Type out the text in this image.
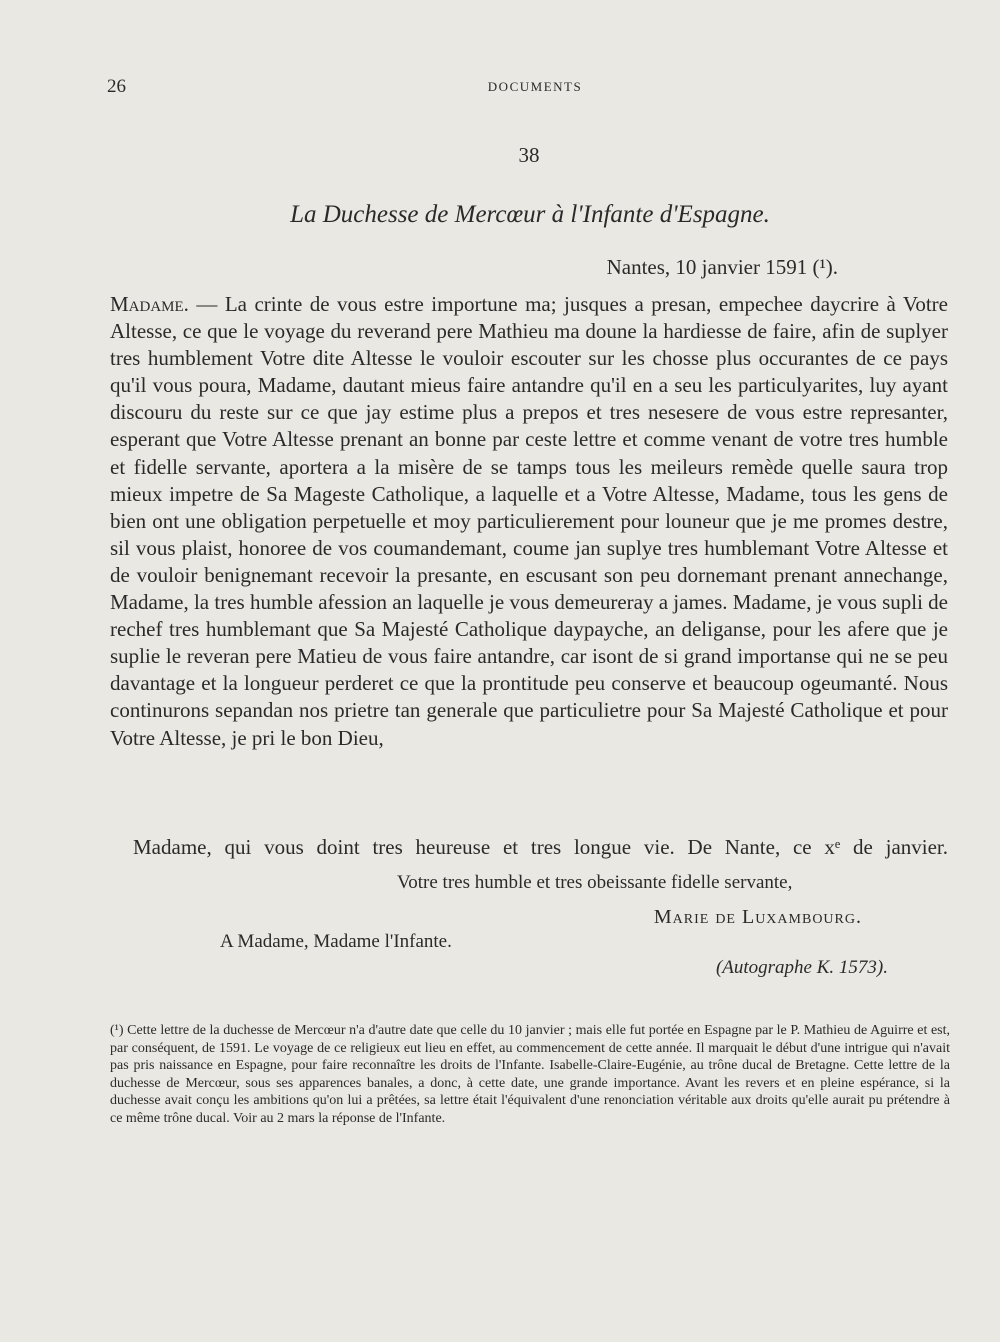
26	DOCUMENTS
38
La Duchesse de Mercœur à l'Infante d'Espagne.
Nantes, 10 janvier 1591 (¹).
Madame. — La crinte de vous estre importune ma; jusques a presan, empechee daycrire à Votre Altesse, ce que le voyage du reverand pere Mathieu ma doune la hardiesse de faire, afin de suplyer tres humblement Votre dite Altesse le vouloir escouter sur les chosse plus occurantes de ce pays qu'il vous poura, Madame, dautant mieus faire antandre qu'il en a seu les particulyarites, luy ayant discouru du reste sur ce que jay estime plus a prepos et tres nesesere de vous estre represanter, esperant que Votre Altesse prenant an bonne par ceste lettre et comme venant de votre tres humble et fidelle servante, aportera a la misère de se tamps tous les meileurs remède quelle saura trop mieux impetre de Sa Mageste Catholique, a laquelle et a Votre Altesse, Madame, tous les gens de bien ont une obligation perpetuelle et moy particulierement pour louneur que je me promes destre, sil vous plaist, honoree de vos coumandemant, coume jan suplye tres humblemant Votre Altesse et de vouloir benignemant recevoir la presante, en escusant son peu dornemant prenant annechange, Madame, la tres humble afession an laquelle je vous demeureray a james. Madame, je vous supli de rechef tres humblemant que Sa Majesté Catholique daypayche, an deliganse, pour les afere que je suplie le reveran pere Matieu de vous faire antandre, car isont de si grand importanse qui ne se peu davantage et la longueur perderet ce que la prontitude peu conserve et beaucoup ogeumanté. Nous continurons sepandan nos prietre tan generale que particulietre pour Sa Majesté Catholique et pour Votre Altesse, je pri le bon Dieu,
Madame, qui vous doint tres heureuse et tres longue vie. De Nante, ce xᵉ de janvier.
Votre tres humble et tres obeissante fidelle servante,
Marie de Luxambourg.
A Madame, Madame l'Infante.
(Autographe K. 1573).
(¹) Cette lettre de la duchesse de Mercœur n'a d'autre date que celle du 10 janvier ; mais elle fut portée en Espagne par le P. Mathieu de Aguirre et est, par conséquent, de 1591. Le voyage de ce religieux eut lieu en effet, au commencement de cette année. Il marquait le début d'une intrigue qui n'avait pas pris naissance en Espagne, pour faire reconnaître les droits de l'Infante. Isabelle-Claire-Eugénie, au trône ducal de Bretagne. Cette lettre de la duchesse de Mercœur, sous ses apparences banales, a donc, à cette date, une grande importance. Avant les revers et en pleine espérance, si la duchesse avait conçu les ambitions qu'on lui a prêtées, sa lettre était l'équivalent d'une renonciation véritable aux droits qu'elle aurait pu prétendre à ce même trône ducal. Voir au 2 mars la réponse de l'Infante.
